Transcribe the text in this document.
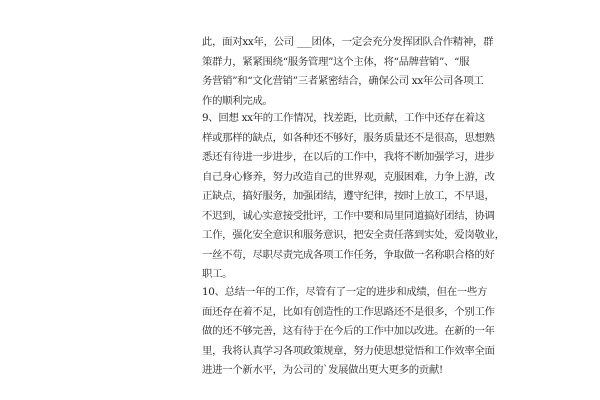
此，面对xx年，公司 ___团体，一定会充分发挥团队合作精神，群
策群力，紧紧围绕“服务管理”这个主体，将“品牌营销”、“服
务营销”和“文化营销”三者紧密结合，确保公司 xx年公司各项工
作的顺利完成。

9、回想 xx年的工作情况，找差距，比贡献，工作中还存在着这
样或那样的缺点，如各种还不够好，服务质量还不是很高，思想熟
悉还有待进一步进步，在以后的工作中，我将不断加强学习，进步
自己身心修养，努力改造自己的世界观，克服困难，力争上游，改
正缺点，搞好服务，加强团结，遵守纪律，按时上放工，不早退，
不迟到，诚心实意接受批评，工作中要和局里同道搞好团结，协调
工作，强化安全意识和服务意识，把安全责任落到实处，爱岗敬业，
一丝不苟，尽职尽责完成各项工作任务，争取做一名称职合格的好
职工。

10、总结一年的工作，尽管有了一定的进步和成绩，但在一些方
面还存在着不足，比如有创造性的工作思路还不是很多，个别工作
做的还不够完善，这有待于在今后的工作中加以改进。在新的一年
里，我将认真学习各项政策规章，努力使思想觉悟和工作效率全面
进进一个新水平，为公司的`发展做出更大更多的贡献!
